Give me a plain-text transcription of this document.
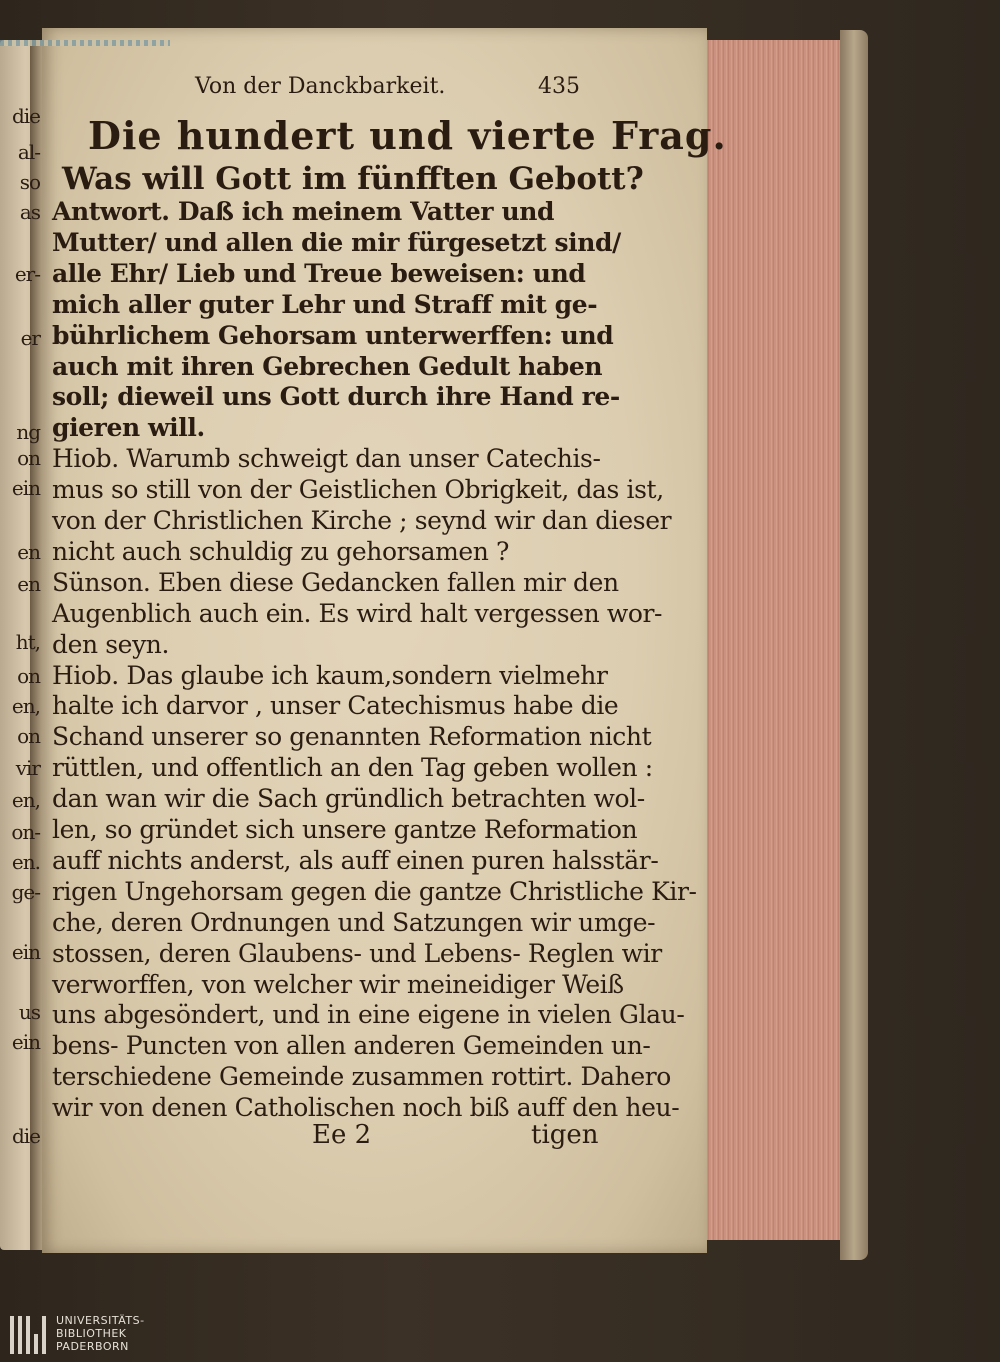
Von der Danckbarkeit.	435
Die hundert und vierte Frag.
Was will Gott im fünfften Gebott?
Antwort. Daß ich meinem Vatter und
Mutter/ und allen die mir fürgesetzt sind/
alle Ehr/ Lieb und Treue beweisen: und
mich aller guter Lehr und Straff mit ge-
bührlichem Gehorsam unterwerffen: und
auch mit ihren Gebrechen Gedult haben
soll; dieweil uns Gott durch ihre Hand re-
gieren will.
Hiob. Warumb schweigt dan unser Catechis-
mus so still von der Geistlichen Obrigkeit, das ist,
von der Christlichen Kirche ; seynd wir dan dieser
nicht auch schuldig zu gehorsamen ?
Sünson. Eben diese Gedancken fallen mir den
Augenblich auch ein. Es wird halt vergessen wor-
den seyn.
Hiob. Das glaube ich kaum,sondern vielmehr
halte ich darvor , unser Catechismus habe die
Schand unserer so genannten Reformation nicht
rüttlen, und offentlich an den Tag geben wollen :
dan wan wir die Sach gründlich betrachten wol-
len, so gründet sich unsere gantze Reformation
auff nichts anderst, als auff einen puren halsstär-
rigen Ungehorsam gegen die gantze Christliche Kir-
che, deren Ordnungen und Satzungen wir umge-
stossen, deren Glaubens- und Lebens- Reglen wir
verworffen, von welcher wir meineidiger Weiß
uns abgesöndert, und in eine eigene in vielen Glau-
bens- Puncten von allen anderen Gemeinden un-
terschiedene Gemeinde zusammen rottirt. Dahero
wir von denen Catholischen noch biß auff den heu-
Ee 2	tigen
UNIVERSITÄTS-
BIBLIOTHEK
PADERBORN
die
al-
so
as
er-
er
ng
on
ein
en
en
ht,
on
en,
on
vir
en,
on-
en.
ge-
ein
us
ein
die
